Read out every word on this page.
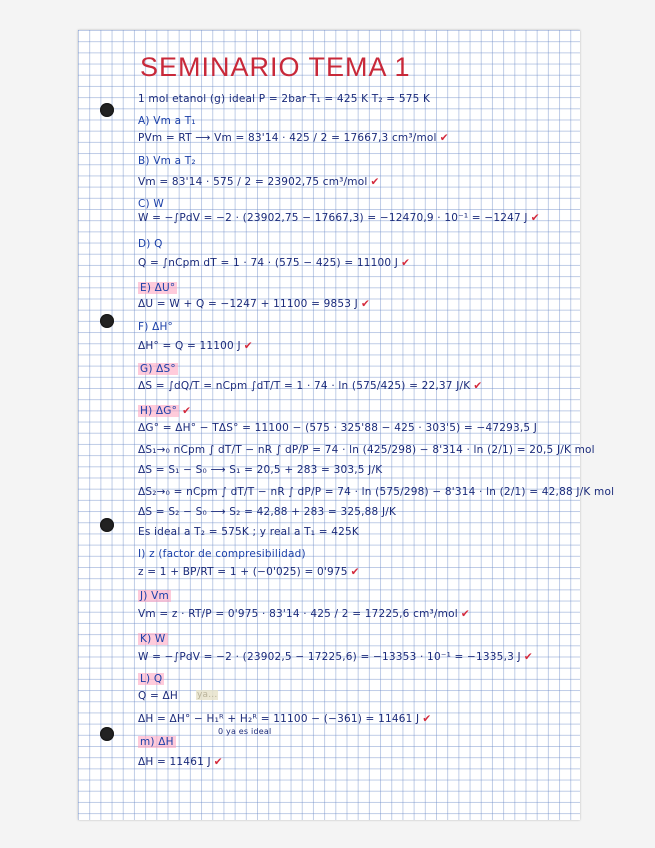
SEMINARIO TEMA 1
1 mol etanol (g) ideal P = 2bar T₁ = 425 K T₂ = 575 K
A) Vm a T₁
PVm = RT ⟶ Vm = 83'14 · 425 / 2 = 17667,3 cm³/mol ✔
B) Vm a T₂
Vm = 83'14 · 575 / 2 = 23902,75 cm³/mol ✔
C) W
W = −∫PdV = −2 · (23902,75 − 17667,3) = −12470,9 · 10⁻¹ = −1247 J ✔
D) Q
Q = ∫nCpm dT = 1 · 74 · (575 − 425) = 11100 J ✔
E) ΔU°
ΔU = W + Q = −1247 + 11100 = 9853 J ✔
F) ΔH°
ΔH° = Q = 11100 J ✔
G) ΔS°
ΔS = ∫dQ/T = nCpm ∫dT/T = 1 · 74 · ln (575/425) = 22,37 J/K ✔
H) ΔG° ✔
ΔG° = ΔH° − TΔS° = 11100 − (575 · 325'88 − 425 · 303'5) = −47293,5 J
ΔS₁→₀ nCpm ∫ dT/T − nR ∫ dP/P = 74 · ln (425/298) − 8'314 · ln (2/1) = 20,5 J/K mol
ΔS = S₁ − S₀ ⟶ S₁ = 20,5 + 283 = 303,5 J/K
ΔS₂→₀ = nCpm ∫ dT/T − nR ∫ dP/P = 74 · ln (575/298) − 8'314 · ln (2/1) = 42,88 J/K mol
ΔS = S₂ − S₀ ⟶ S₂ = 42,88 + 283 = 325,88 J/K
Es ideal a T₂ = 575K ; y real a T₁ = 425K
I) z (factor de compresibilidad)
z = 1 + BP/RT = 1 + (−0'025) = 0'975 ✔
J) Vm
Vm = z · RT/P = 0'975 · 83'14 · 425 / 2 = 17225,6 cm³/mol ✔
K) W
W = −∫PdV = −2 · (23902,5 − 17225,6) = −13353 · 10⁻¹ = −1335,3 J ✔
L) Q
Q = ΔH
ΔH = ΔH° − H₁ᴿ + H₂ᴿ = 11100 − (−361) = 11461 J ✔
m) ΔH
ΔH = 11461 J ✔
0 ya es ideal
ya...
